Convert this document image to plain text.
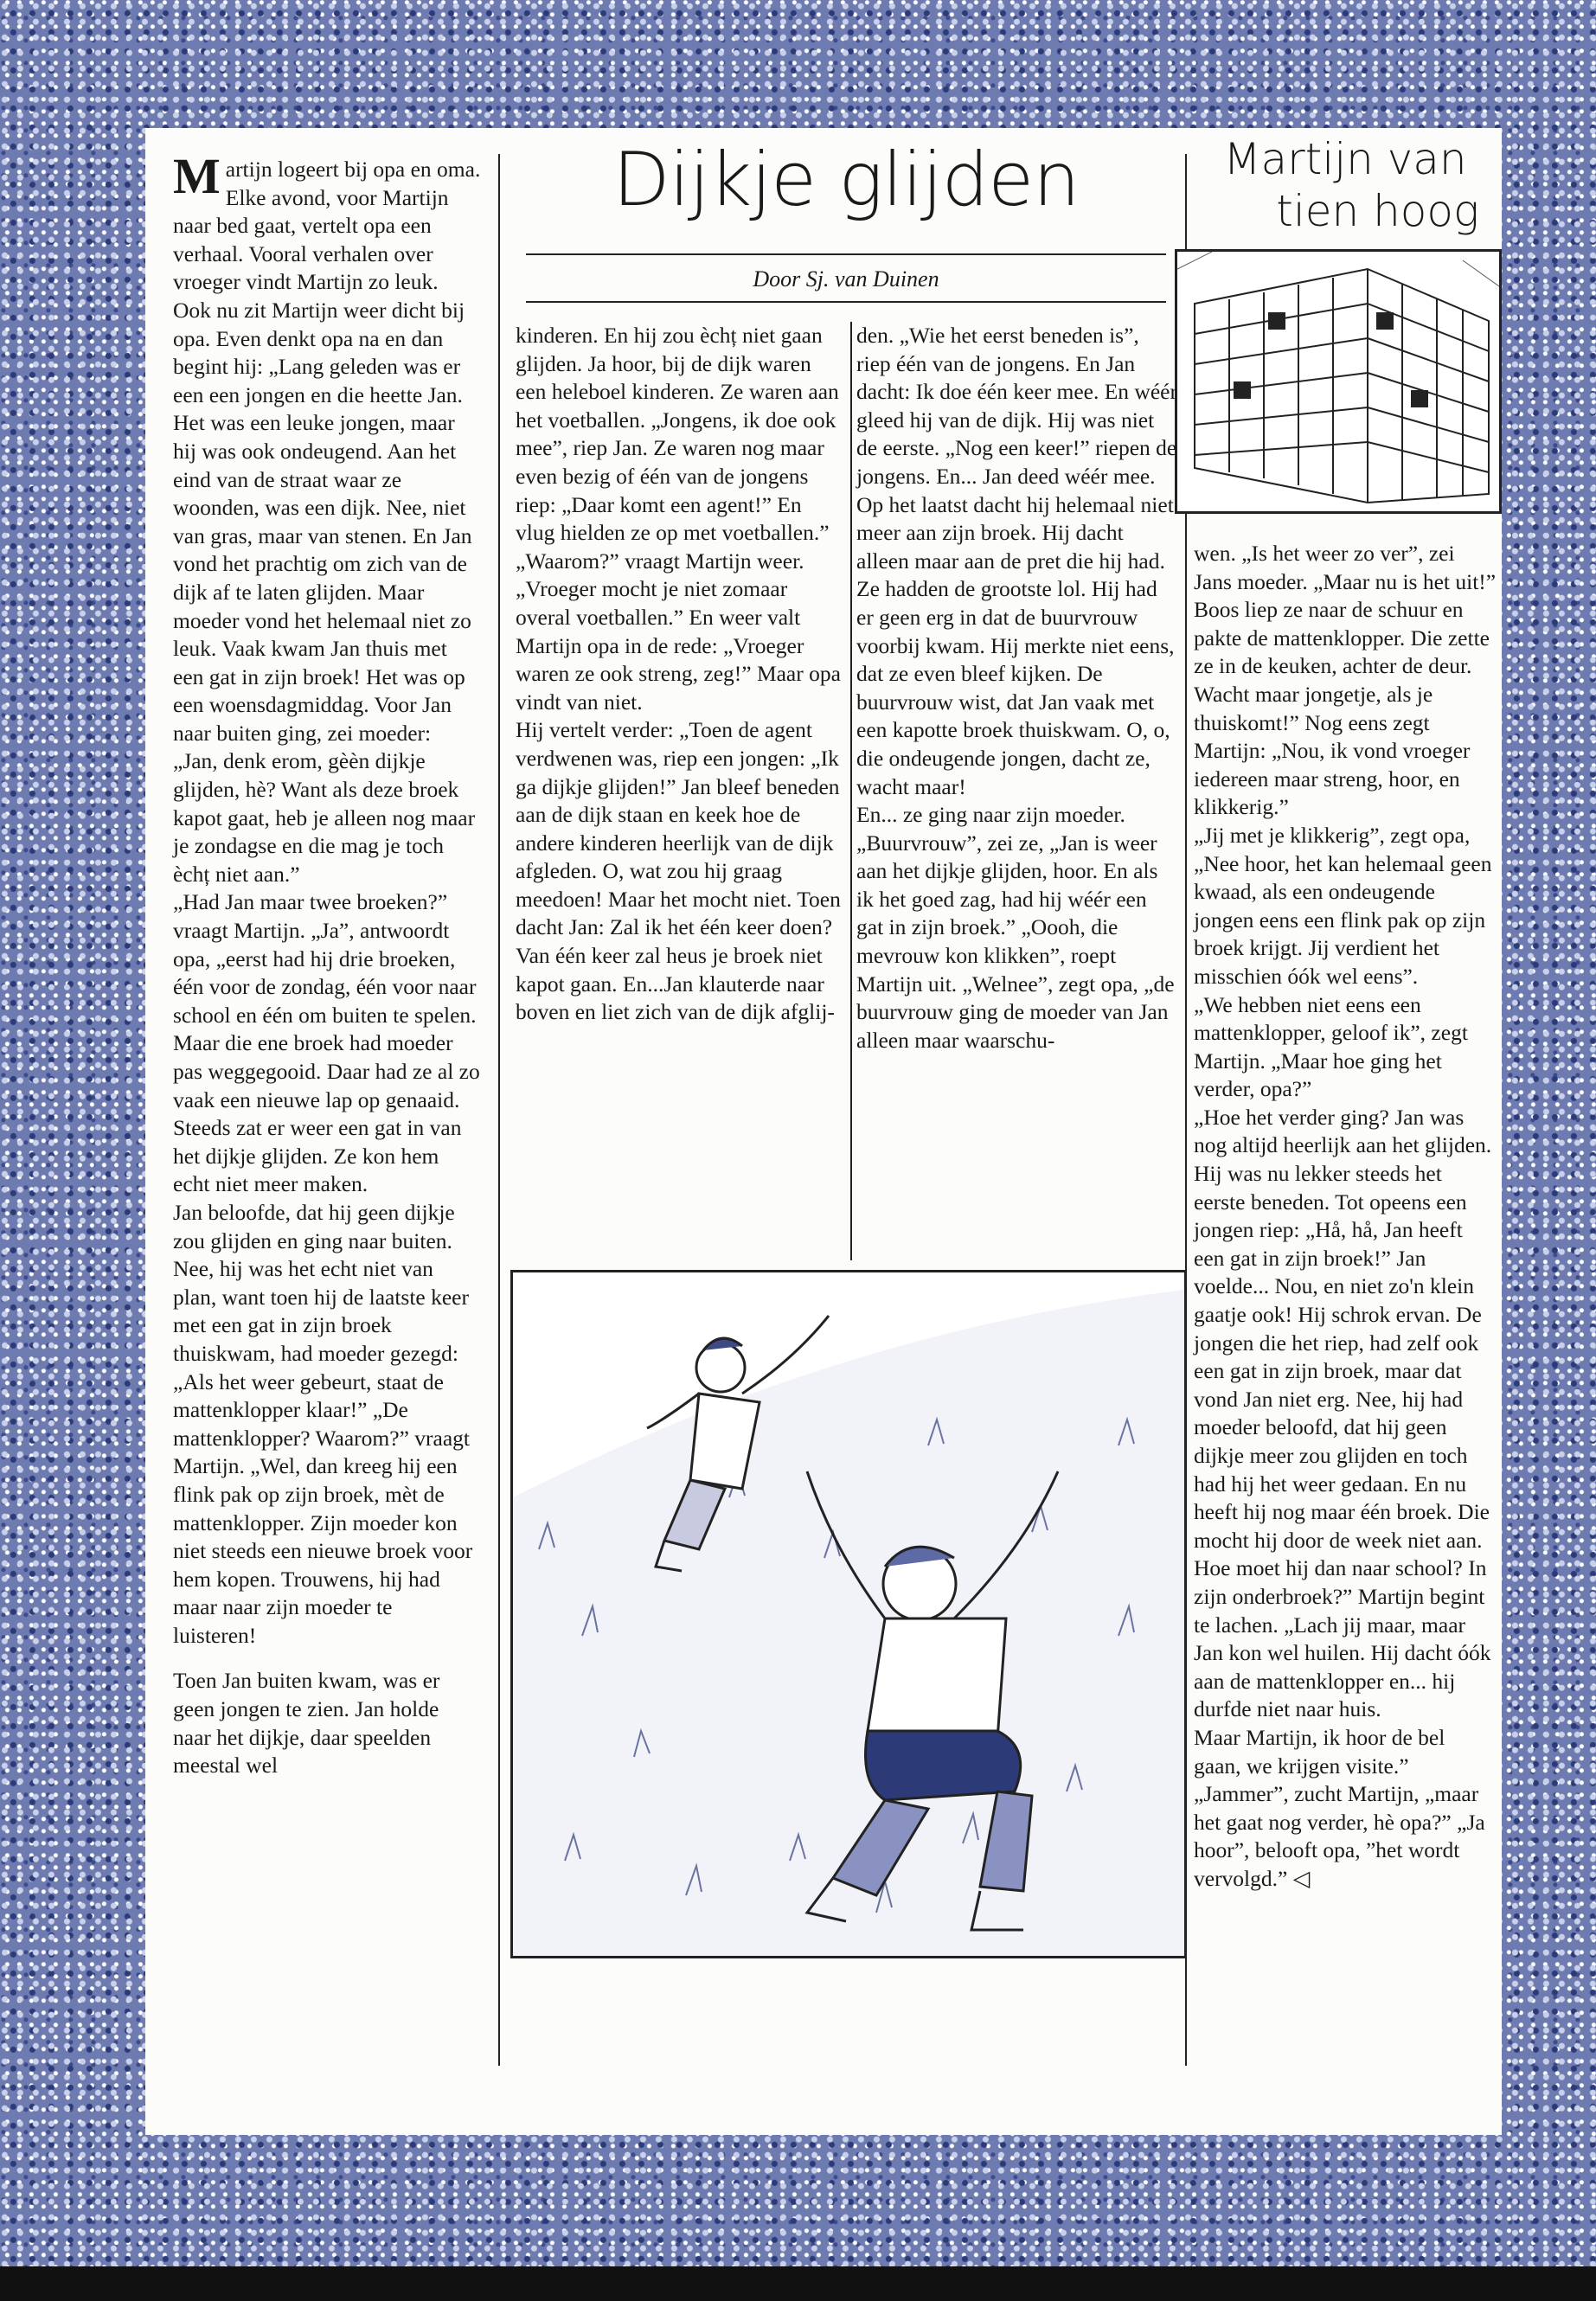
Martijn logeert bij opa en oma. Elke avond, voor Martijn naar bed gaat, vertelt opa een verhaal. Vooral verhalen over vroeger vindt Martijn zo leuk. Ook nu zit Martijn weer dicht bij opa. Even denkt opa na en dan begint hij: „Lang geleden was er een een jongen en die heette Jan. Het was een leuke jongen, maar hij was ook ondeugend. Aan het eind van de straat waar ze woonden, was een dijk. Nee, niet van gras, maar van stenen. En Jan vond het prachtig om zich van de dijk af te laten glijden. Maar moeder vond het helemaal niet zo leuk. Vaak kwam Jan thuis met een gat in zijn broek! Het was op een woensdagmiddag. Voor Jan naar buiten ging, zei moeder: „Jan, denk erom, gèèn dijkje glijden, hè? Want als deze broek kapot gaat, heb je alleen nog maar je zondagse en die mag je toch èchț niet aan.”

„Had Jan maar twee broeken?” vraagt Martijn. „Ja”, antwoordt opa, „eerst had hij drie broeken, één voor de zondag, één voor naar school en één om buiten te spelen. Maar die ene broek had moeder pas weggegooid. Daar had ze al zo vaak een nieuwe lap op genaaid. Steeds zat er weer een gat in van het dijkje glijden. Ze kon hem echt niet meer maken.

Jan beloofde, dat hij geen dijkje zou glijden en ging naar buiten. Nee, hij was het echt niet van plan, want toen hij de laatste keer met een gat in zijn broek thuiskwam, had moeder gezegd: „Als het weer gebeurt, staat de mattenklopper klaar!” „De mattenklopper? Waarom?” vraagt Martijn. „Wel, dan kreeg hij een flink pak op zijn broek, mèt de mattenklopper. Zijn moeder kon niet steeds een nieuwe broek voor hem kopen. Trouwens, hij had maar naar zijn moeder te luisteren!

Toen Jan buiten kwam, was er geen jongen te zien. Jan holde naar het dijkje, daar speelden meestal wel

Dijkje glijden
Door Sj. van Duinen
Martijn van
tien hoog

kinderen. En hij zou èchț niet gaan glijden. Ja hoor, bij de dijk waren een heleboel kinderen. Ze waren aan het voetballen. „Jongens, ik doe ook mee”, riep Jan. Ze waren nog maar even bezig of één van de jongens riep: „Daar komt een agent!” En vlug hielden ze op met voetballen.”

„Waarom?” vraagt Martijn weer. „Vroeger mocht je niet zomaar overal voetballen.” En weer valt Martijn opa in de rede: „Vroeger waren ze ook streng, zeg!” Maar opa vindt van niet.

Hij vertelt verder: „Toen de agent verdwenen was, riep een jongen: „Ik ga dijkje glijden!” Jan bleef beneden aan de dijk staan en keek hoe de andere kinderen heerlijk van de dijk afgleden. O, wat zou hij graag meedoen! Maar het mocht niet. Toen dacht Jan: Zal ik het één keer doen? Van één keer zal heus je broek niet kapot gaan. En...Jan klauterde naar boven en liet zich van de dijk afglij-

den. „Wie het eerst beneden is”, riep één van de jongens. En Jan dacht: Ik doe één keer mee. En wéér gleed hij van de dijk. Hij was niet de eerste. „Nog een keer!” riepen de jongens. En... Jan deed wéér mee. Op het laatst dacht hij helemaal niet meer aan zijn broek. Hij dacht alleen maar aan de pret die hij had. Ze hadden de grootste lol. Hij had er geen erg in dat de buurvrouw voorbij kwam. Hij merkte niet eens, dat ze even bleef kijken. De buurvrouw wist, dat Jan vaak met een kapotte broek thuiskwam. O, o, die ondeugende jongen, dacht ze, wacht maar!

En... ze ging naar zijn moeder. „Buurvrouw”, zei ze, „Jan is weer aan het dijkje glijden, hoor. En als ik het goed zag, had hij wéér een gat in zijn broek.” „Oooh, die mevrouw kon klikken”, roept Martijn uit. „Welnee”, zegt opa, „de buurvrouw ging de moeder van Jan alleen maar waarschu-

wen. „Is het weer zo ver”, zei Jans moeder. „Maar nu is het uit!” Boos liep ze naar de schuur en pakte de mattenklopper. Die zette ze in de keuken, achter de deur. Wacht maar jongetje, als je thuiskomt!” Nog eens zegt Martijn: „Nou, ik vond vroeger iedereen maar streng, hoor, en klikkerig.”

„Jij met je klikkerig”, zegt opa, „Nee hoor, het kan helemaal geen kwaad, als een ondeugende jongen eens een flink pak op zijn broek krijgt. Jij verdient het misschien óók wel eens”.

„We hebben niet eens een mattenklopper, geloof ik”, zegt Martijn. „Maar hoe ging het verder, opa?”

„Hoe het verder ging? Jan was nog altijd heerlijk aan het glijden. Hij was nu lekker steeds het eerste beneden. Tot opeens een jongen riep: „Hå, hå, Jan heeft een gat in zijn broek!” Jan voelde... Nou, en niet zo'n klein gaatje ook! Hij schrok ervan. De jongen die het riep, had zelf ook een gat in zijn broek, maar dat vond Jan niet erg. Nee, hij had moeder beloofd, dat hij geen dijkje meer zou glijden en toch had hij het weer gedaan. En nu heeft hij nog maar één broek. Die mocht hij door de week niet aan. Hoe moet hij dan naar school? In zijn onderbroek?” Martijn begint te lachen. „Lach jij maar, maar Jan kon wel huilen. Hij dacht óók aan de mattenklopper en... hij durfde niet naar huis.

Maar Martijn, ik hoor de bel gaan, we krijgen visite.”

„Jammer”, zucht Martijn, „maar het gaat nog verder, hè opa?” „Ja hoor”, belooft opa, ”het wordt vervolgd.” ◁
